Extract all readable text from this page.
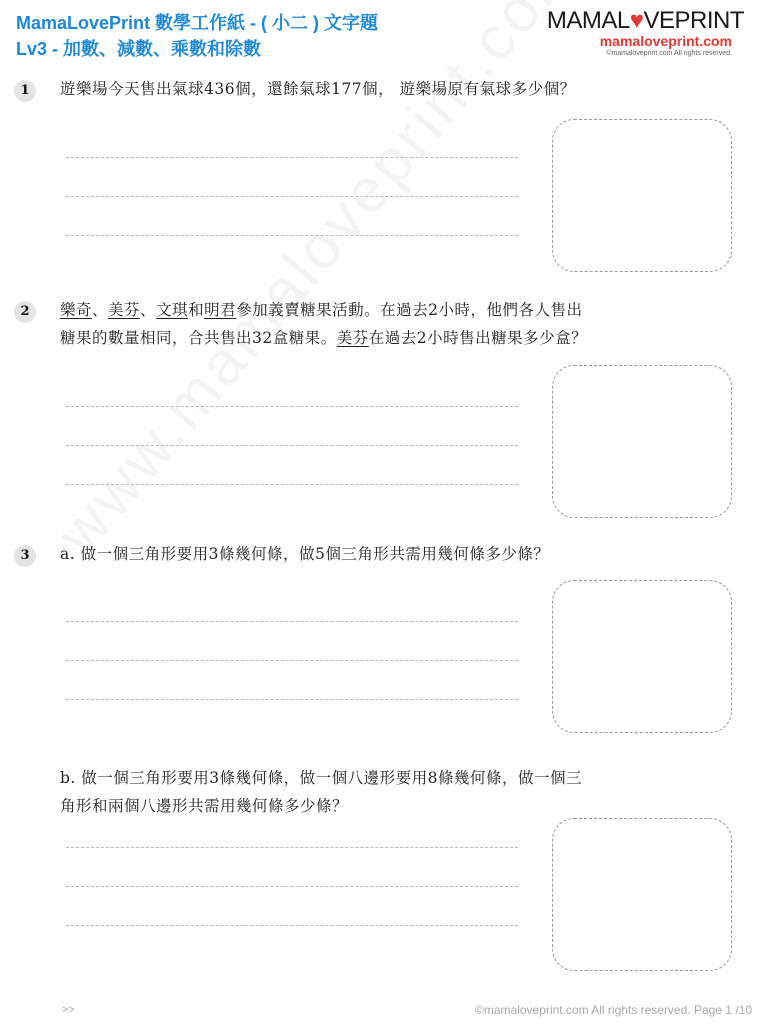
MamaLovePrint 數學工作紙 - ( 小二 ) 文字題
Lv3 - 加數、減數、乘數和除數
MAMAL♥VEPRINT
mamaloveprint.com
©mamaloveprint.com All rights reserved.
1	遊樂場今天售出氣球436個，還餘氣球177個， 遊樂場原有氣球多少個？
2	樂奇、美芬、文琪和明君參加義賣糖果活動。在過去2小時，他們各人售出
糖果的數量相同，合共售出32盒糖果。美芬在過去2小時售出糖果多少盒？
3	a. 做一個三角形要用3條幾何條，做5個三角形共需用幾何條多少條？
b. 做一個三角形要用3條幾何條，做一個八邊形要用8條幾何條，做一個三
角形和兩個八邊形共需用幾何條多少條？
>>	©mamaloveprint.com All rights reserved. Page 1 /10
